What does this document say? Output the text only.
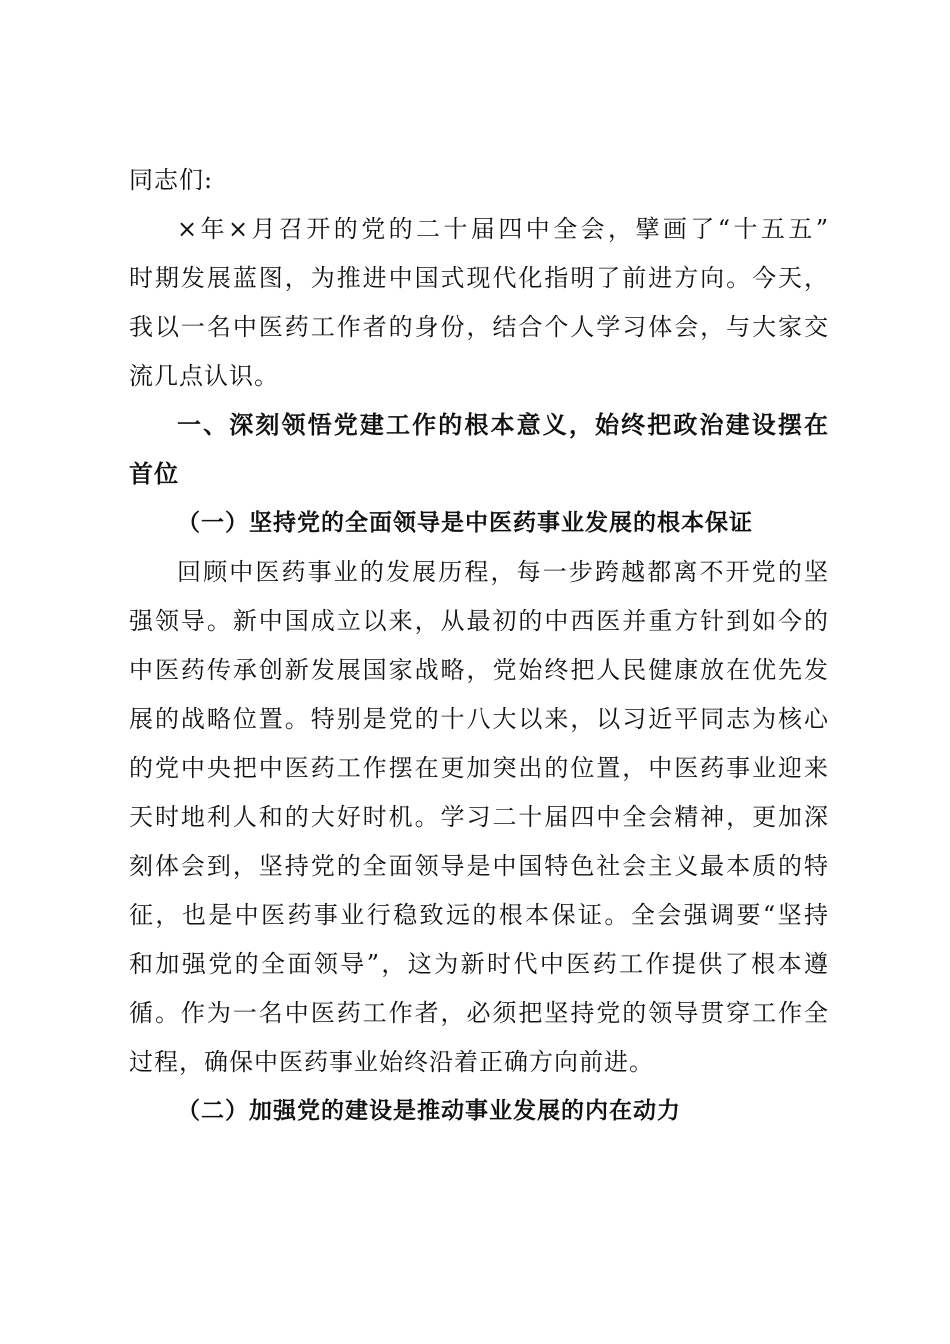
同志们:
×年×月召开的党的二十届四中全会，擘画了“十五五”
时期发展蓝图，为推进中国式现代化指明了前进方向。今天，
我以一名中医药工作者的身份，结合个人学习体会，与大家交
流几点认识。
一、深刻领悟党建工作的根本意义，始终把政治建设摆在
首位
（一）坚持党的全面领导是中医药事业发展的根本保证
回顾中医药事业的发展历程，每一步跨越都离不开党的坚
强领导。新中国成立以来，从最初的中西医并重方针到如今的
中医药传承创新发展国家战略，党始终把人民健康放在优先发
展的战略位置。特别是党的十八大以来，以习近平同志为核心
的党中央把中医药工作摆在更加突出的位置，中医药事业迎来
天时地利人和的大好时机。学习二十届四中全会精神，更加深
刻体会到，坚持党的全面领导是中国特色社会主义最本质的特
征，也是中医药事业行稳致远的根本保证。全会强调要“坚持
和加强党的全面领导”，这为新时代中医药工作提供了根本遵
循。作为一名中医药工作者，必须把坚持党的领导贯穿工作全
过程，确保中医药事业始终沿着正确方向前进。
（二）加强党的建设是推动事业发展的内在动力
